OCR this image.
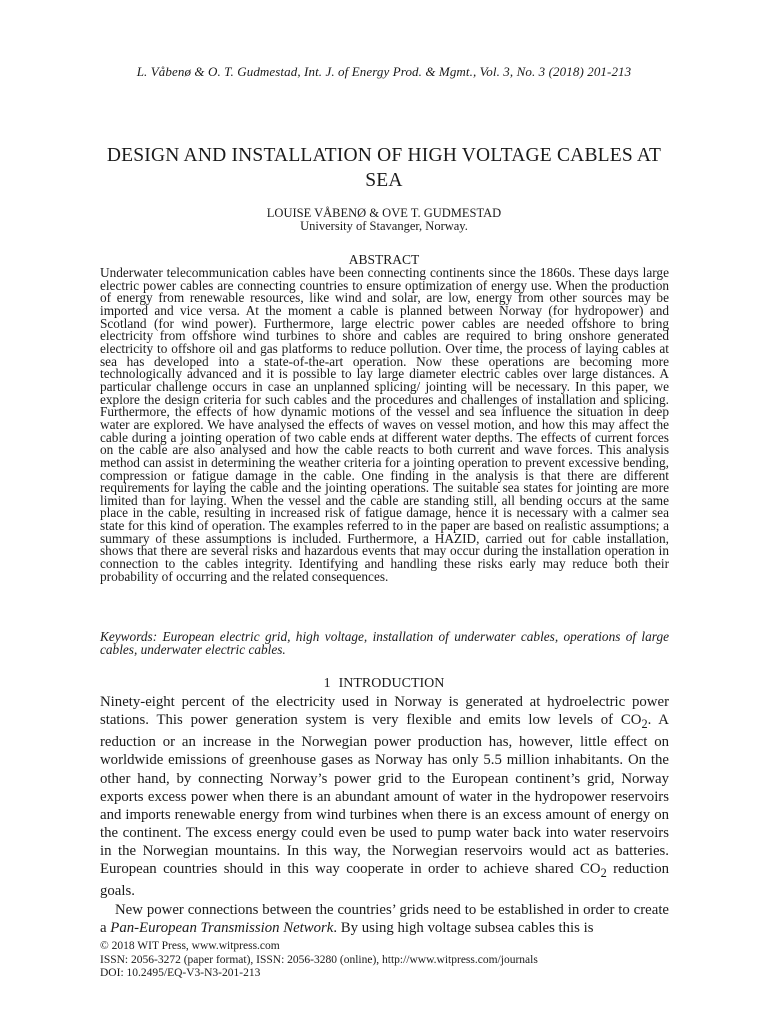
L. Våbenø & O. T. Gudmestad, Int. J. of Energy Prod. & Mgmt., Vol. 3, No. 3 (2018) 201-213
DESIGN AND INSTALLATION OF HIGH VOLTAGE CABLES AT SEA
LOUISE VÅBENØ & OVE T. GUDMESTAD
University of Stavanger, Norway.
ABSTRACT

Underwater telecommunication cables have been connecting continents since the 1860s. These days large electric power cables are connecting countries to ensure optimization of energy use. When the production of energy from renewable resources, like wind and solar, are low, energy from other sources may be imported and vice versa. At the moment a cable is planned between Norway (for hydropower) and Scotland (for wind power). Furthermore, large electric power cables are needed offshore to bring electricity from offshore wind turbines to shore and cables are required to bring onshore generated electricity to offshore oil and gas platforms to reduce pollution. Over time, the process of laying cables at sea has developed into a state-of-the-art operation. Now these operations are becoming more technologically advanced and it is possible to lay large diameter electric cables over large distances. A particular challenge occurs in case an unplanned splicing/ jointing will be necessary. In this paper, we explore the design criteria for such cables and the procedures and challenges of installation and splicing. Furthermore, the effects of how dynamic motions of the vessel and sea influence the situation in deep water are explored. We have analysed the effects of waves on vessel motion, and how this may affect the cable during a jointing operation of two cable ends at different water depths. The effects of current forces on the cable are also analysed and how the cable reacts to both current and wave forces. This analysis method can assist in determining the weather criteria for a jointing operation to prevent excessive bending, compression or fatigue damage in the cable. One finding in the analysis is that there are different requirements for laying the cable and the jointing operations. The suitable sea states for jointing are more limited than for laying. When the vessel and the cable are standing still, all bending occurs at the same place in the cable, resulting in increased risk of fatigue damage, hence it is necessary with a calmer sea state for this kind of operation. The examples referred to in the paper are based on realistic assumptions; a summary of these assumptions is included. Furthermore, a HAZID, carried out for cable installation, shows that there are several risks and hazardous events that may occur during the installation operation in connection to the cables integrity. Identifying and handling these risks early may reduce both their probability of occurring and the related consequences.

Keywords: European electric grid, high voltage, installation of underwater cables, operations of large cables, underwater electric cables.

1 INTRODUCTION

Ninety-eight percent of the electricity used in Norway is generated at hydroelectric power stations. This power generation system is very flexible and emits low levels of $CO_2$. A reduction or an increase in the Norwegian power production has, however, little effect on worldwide emissions of greenhouse gases as Norway has only 5.5 million inhabitants. On the other hand, by connecting Norway’s power grid to the European continent’s grid, Norway exports excess power when there is an abundant amount of water in the hydropower reservoirs and imports renewable energy from wind turbines when there is an excess amount of energy on the continent. The excess energy could even be used to pump water back into water reservoirs in the Norwegian mountains. In this way, the Norwegian reservoirs would act as batteries. European countries should in this way cooperate in order to achieve shared $CO_2$ reduction goals.

New power connections between the countries’ grids need to be established in order to create a Pan-European Transmission Network. By using high voltage subsea cables this is

© 2018 WIT Press, www.witpress.com
ISSN: 2056-3272 (paper format), ISSN: 2056-3280 (online), http://www.witpress.com/journals
DOI: 10.2495/EQ-V3-N3-201-213
